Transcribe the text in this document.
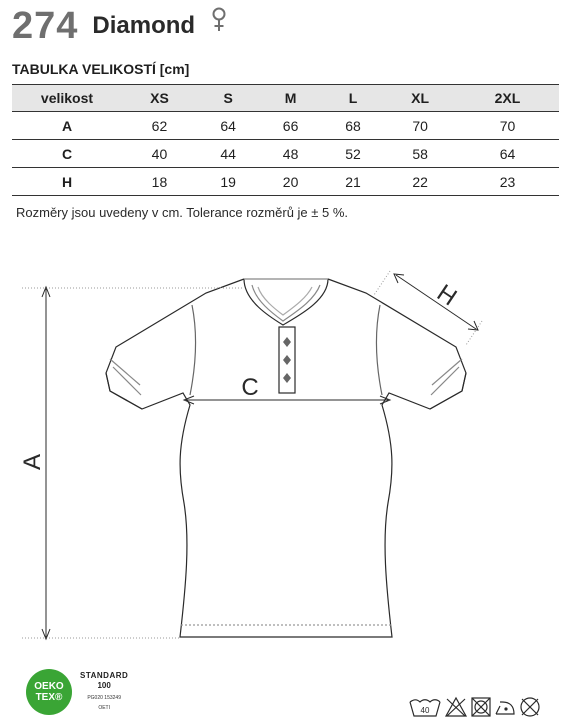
274 Diamond
TABULKA VELIKOSTÍ [cm]
velikost	XS	S	M	L	XL	2XL
A	62	64	66	68	70	70
C	40	44	48	52	58	64
H	18	19	20	21	22	23
Rozměry jsou uvedeny v cm. Tolerance rozměrů je ± 5 %.
A
C
H
OEKO
TEX®
STANDARD
100
PG020 153249
OETI	40
